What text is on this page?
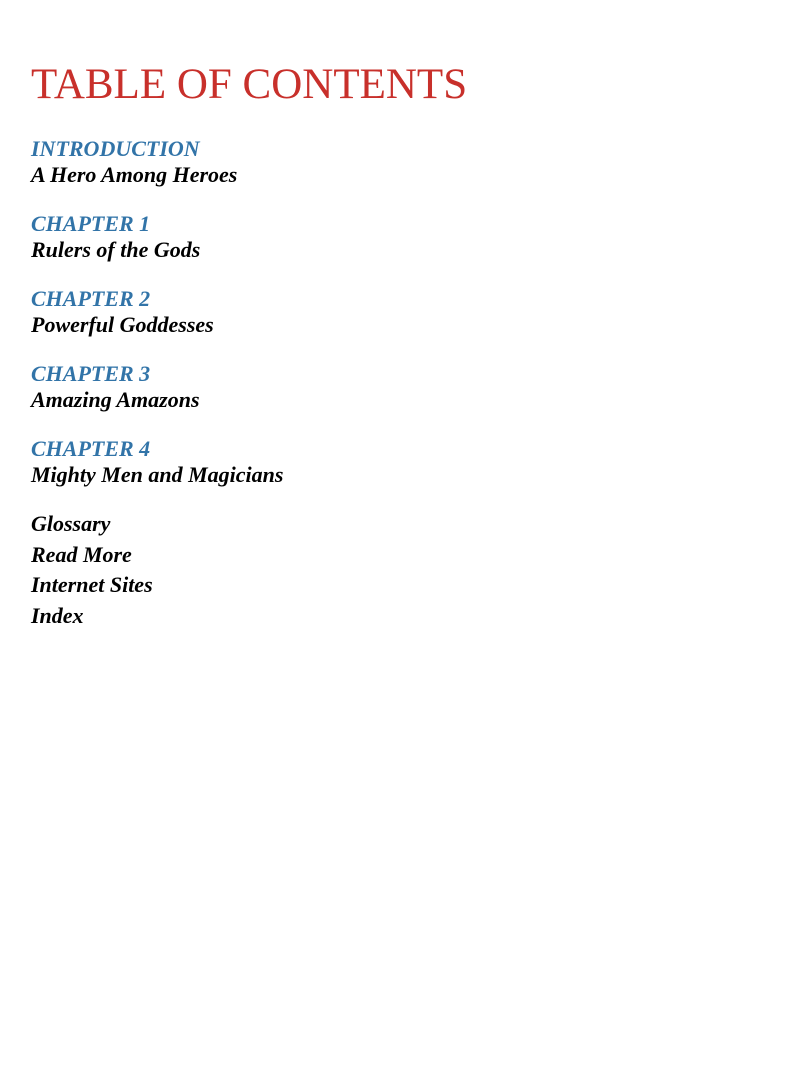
TABLE OF CONTENTS
INTRODUCTION
A Hero Among Heroes
CHAPTER 1
Rulers of the Gods
CHAPTER 2
Powerful Goddesses
CHAPTER 3
Amazing Amazons
CHAPTER 4
Mighty Men and Magicians
Glossary
Read More
Internet Sites
Index
